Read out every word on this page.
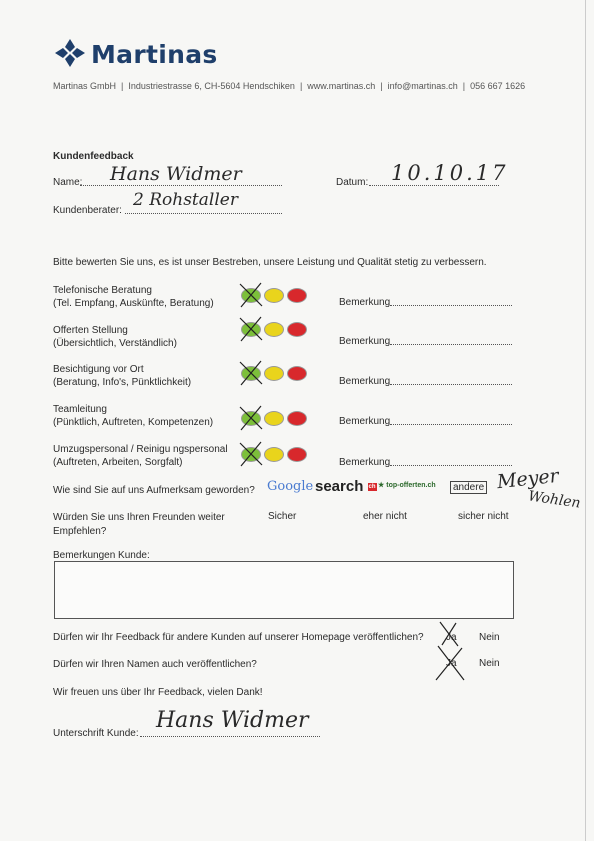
Martinas
Martinas GmbH  |  Industriestrasse 6, CH-5604 Hendschiken  |  www.martinas.ch  |  info@martinas.ch  |  056 667 1626
Kundenfeedback
Name: Hans Widmer	Datum: 10.10.17
Kundenberater:
2 Rohstaller
Bitte bewerten Sie uns, es ist unser Bestreben, unsere Leistung und Qualität stetig zu verbessern.
Telefonische Beratung
(Tel. Empfang, Auskünfte, Beratung)	Bemerkung
Offerten Stellung
(Übersichtlich, Verständlich)	Bemerkung
Besichtigung vor Ort
(Beratung, Info's, Pünktlichkeit)	Bemerkung
Teamleitung
(Pünktlich, Auftreten, Kompetenzen)	Bemerkung
Umzugspersonal / Reinigu ngspersonal
(Auftreten, Arbeiten, Sorgfalt)	Bemerkung
Wie sind Sie auf uns Aufmerksam geworden? Google search ch ★ top-offerten.ch	andere Meyer
Wohlen
Würden Sie uns Ihren Freunden weiter
Empfehlen?
Sicher	eher nicht	sicher nicht
Bemerkungen Kunde:
Dürfen wir Ihr Feedback für andere Kunden auf unserer Homepage veröffentlichen? Ja Nein
Dürfen wir Ihren Namen auch veröffentlichen?	Ja Nein
Wir freuen uns über Ihr Feedback, vielen Dank!
Unterschrift Kunde:
Hans Widmer
